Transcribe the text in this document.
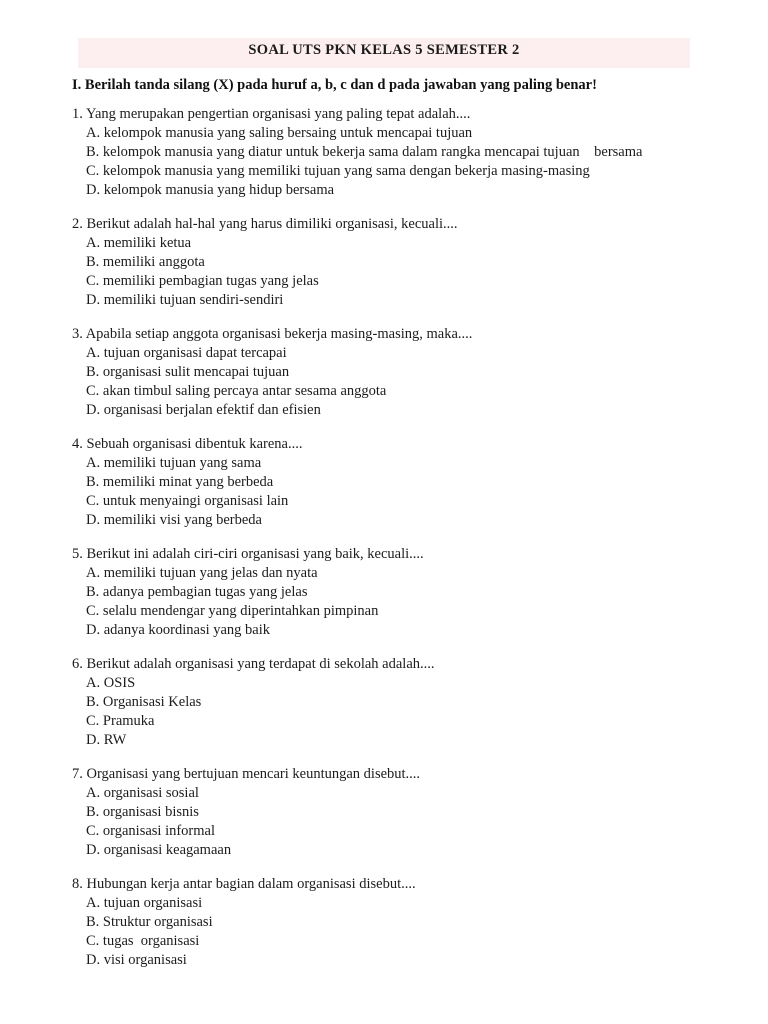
SOAL UTS PKN KELAS 5 SEMESTER 2
I. Berilah tanda silang (X) pada huruf a, b, c dan d pada jawaban yang paling benar!
1. Yang merupakan pengertian organisasi yang paling tepat adalah....
A. kelompok manusia yang saling bersaing untuk mencapai tujuan
B. kelompok manusia yang diatur untuk bekerja sama dalam rangka mencapai tujuan    bersama
C. kelompok manusia yang memiliki tujuan yang sama dengan bekerja masing-masing
D. kelompok manusia yang hidup bersama
2. Berikut adalah hal-hal yang harus dimiliki organisasi, kecuali....
A. memiliki ketua
B. memiliki anggota
C. memiliki pembagian tugas yang jelas
D. memiliki tujuan sendiri-sendiri
3. Apabila setiap anggota organisasi bekerja masing-masing, maka....
A. tujuan organisasi dapat tercapai
B. organisasi sulit mencapai tujuan
C. akan timbul saling percaya antar sesama anggota
D. organisasi berjalan efektif dan efisien
4. Sebuah organisasi dibentuk karena....
A. memiliki tujuan yang sama
B. memiliki minat yang berbeda
C. untuk menyaingi organisasi lain
D. memiliki visi yang berbeda
5. Berikut ini adalah ciri-ciri organisasi yang baik, kecuali....
A. memiliki tujuan yang jelas dan nyata
B. adanya pembagian tugas yang jelas
C. selalu mendengar yang diperintahkan pimpinan
D. adanya koordinasi yang baik
6. Berikut adalah organisasi yang terdapat di sekolah adalah....
A. OSIS
B. Organisasi Kelas
C. Pramuka
D. RW
7. Organisasi yang bertujuan mencari keuntungan disebut....
A. organisasi sosial
B. organisasi bisnis
C. organisasi informal
D. organisasi keagamaan
8. Hubungan kerja antar bagian dalam organisasi disebut....
A. tujuan organisasi
B. Struktur organisasi
C. tugas  organisasi
D. visi organisasi
